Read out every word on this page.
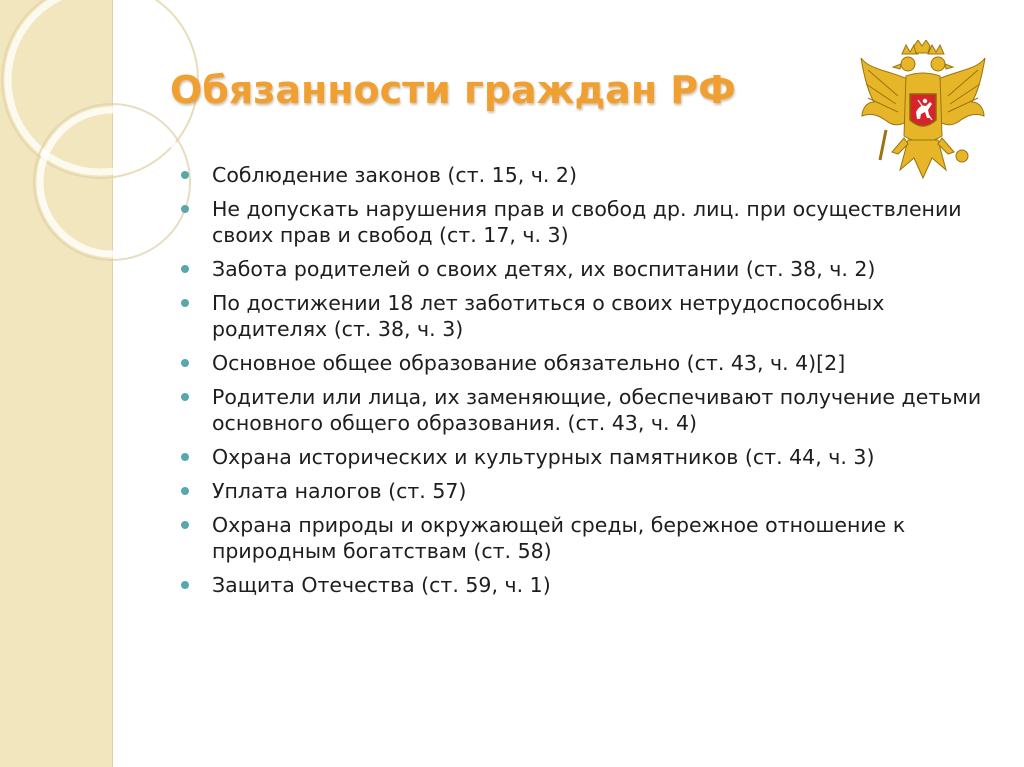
Обязанности граждан РФ
Соблюдение законов (ст. 15, ч. 2)
Не допускать нарушения прав и свобод др. лиц. при осуществлении своих прав и свобод (ст. 17, ч. 3)
Забота родителей о своих детях, их воспитании (ст. 38, ч. 2)
По достижении 18 лет заботиться о своих нетрудоспособных родителях (ст. 38, ч. 3)
Основное общее образование обязательно (ст. 43, ч. 4)[2]
Родители или лица, их заменяющие, обеспечивают получение детьми основного общего образования. (ст. 43, ч. 4)
Охрана исторических и культурных памятников (ст. 44, ч. 3)
Уплата налогов (ст. 57)
Охрана природы и окружающей среды, бережное отношение к природным богатствам (ст. 58)
Защита Отечества (ст. 59, ч. 1)
